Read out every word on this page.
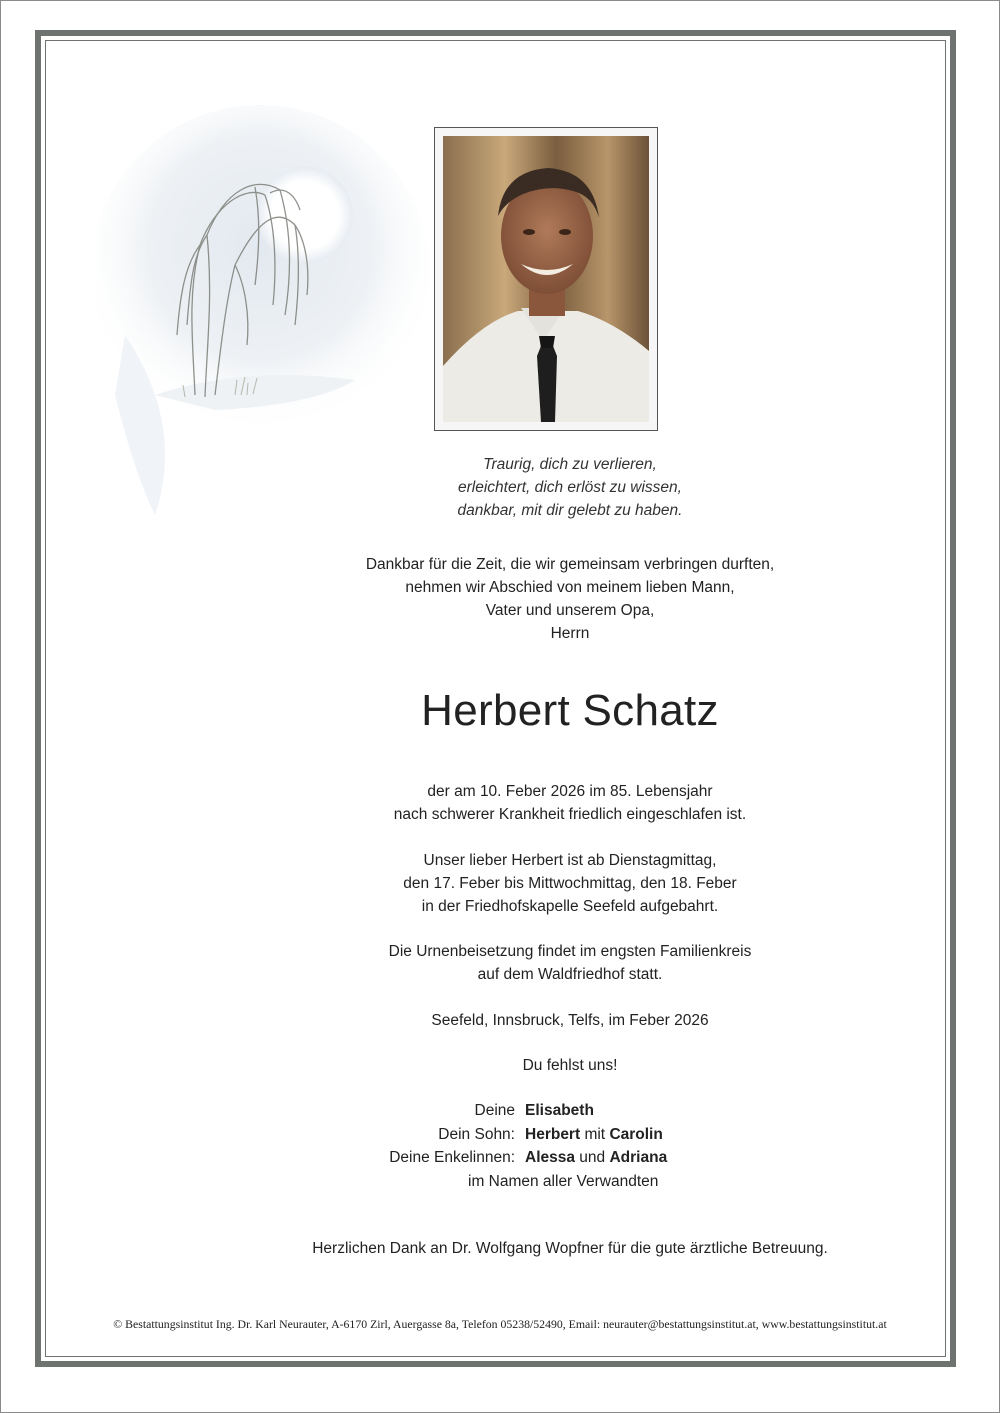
Traurig, dich zu verlieren,
erleichtert, dich erlöst zu wissen,
dankbar, mit dir gelebt zu haben.
Dankbar für die Zeit, die wir gemeinsam verbringen durften,
nehmen wir Abschied von meinem lieben Mann,
Vater und unserem Opa,
Herrn
Herbert Schatz
der am 10. Feber 2026 im 85. Lebensjahr
nach schwerer Krankheit friedlich eingeschlafen ist.
Unser lieber Herbert ist ab Dienstagmittag,
den 17. Feber bis Mittwochmittag, den 18. Feber
in der Friedhofskapelle Seefeld aufgebahrt.
Die Urnenbeisetzung findet im engsten Familienkreis
auf dem Waldfriedhof statt.
Seefeld, Innsbruck, Telfs, im Feber 2026
Du fehlst uns!
Deine Elisabeth
Dein Sohn: Herbert mit Carolin
Deine Enkelinnen: Alessa und Adriana
im Namen aller Verwandten
Herzlichen Dank an Dr. Wolfgang Wopfner für die gute ärztliche Betreuung.
© Bestattungsinstitut Ing. Dr. Karl Neurauter, A-6170 Zirl, Auergasse 8a, Telefon 05238/52490, Email: neurauter@bestattungsinstitut.at, www.bestattungsinstitut.at
